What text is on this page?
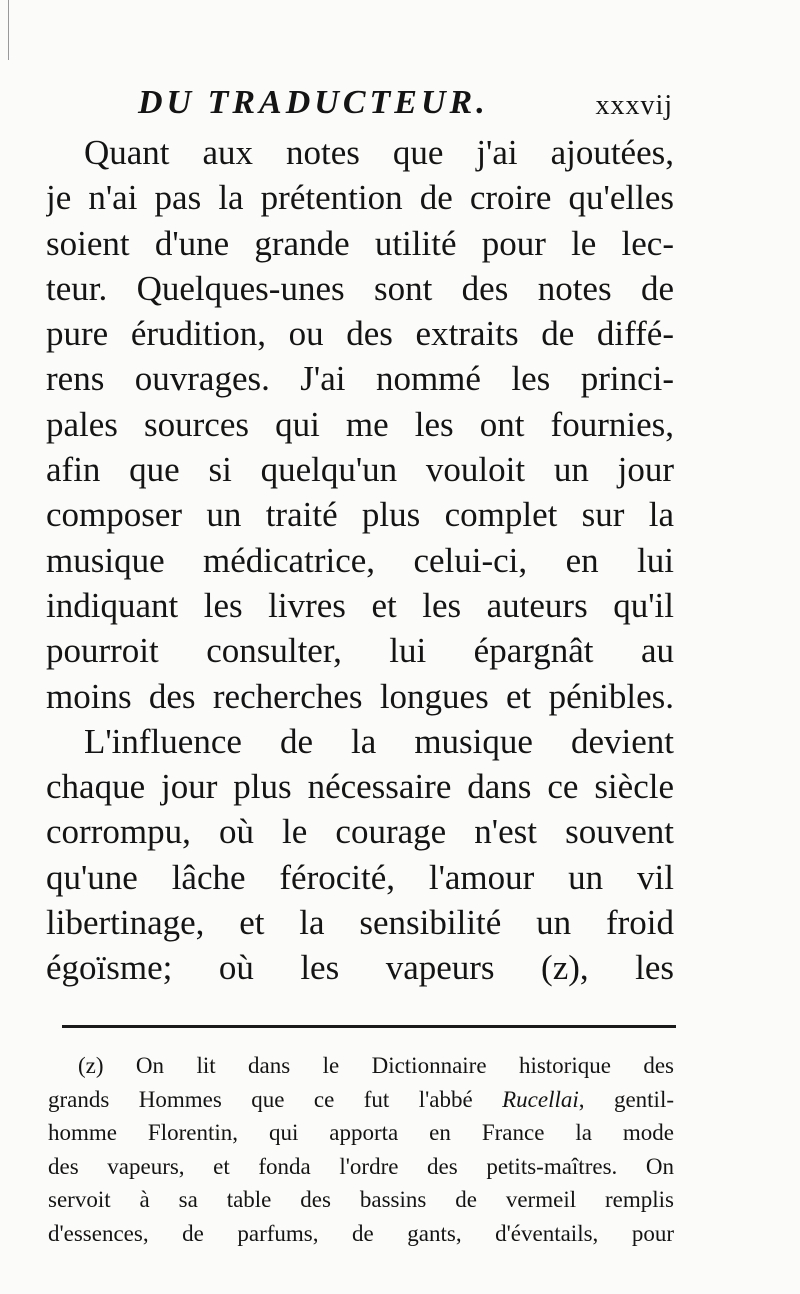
DU TRADUCTEUR.	xxxvij
Quant aux notes que j'ai ajoutées,
je n'ai pas la prétention de croire qu'elles
soient d'une grande utilité pour le lec-
teur. Quelques-unes sont des notes de
pure érudition, ou des extraits de diffé-
rens ouvrages. J'ai nommé les princi-
pales sources qui me les ont fournies,
afin que si quelqu'un vouloit un jour
composer un traité plus complet sur la
musique médicatrice, celui-ci, en lui
indiquant les livres et les auteurs qu'il
pourroit consulter, lui épargnât au
moins des recherches longues et pénibles.
L'influence de la musique devient
chaque jour plus nécessaire dans ce siècle
corrompu, où le courage n'est souvent
qu'une lâche férocité, l'amour un vil
libertinage, et la sensibilité un froid
égoïsme; où les vapeurs (z), les
(z) On lit dans le Dictionnaire historique des
grands Hommes que ce fut l'abbé Rucellai, gentil-
homme Florentin, qui apporta en France la mode
des vapeurs, et fonda l'ordre des petits-maîtres. On
servoit à sa table des bassins de vermeil remplis
d'essences, de parfums, de gants, d'éventails, pour
